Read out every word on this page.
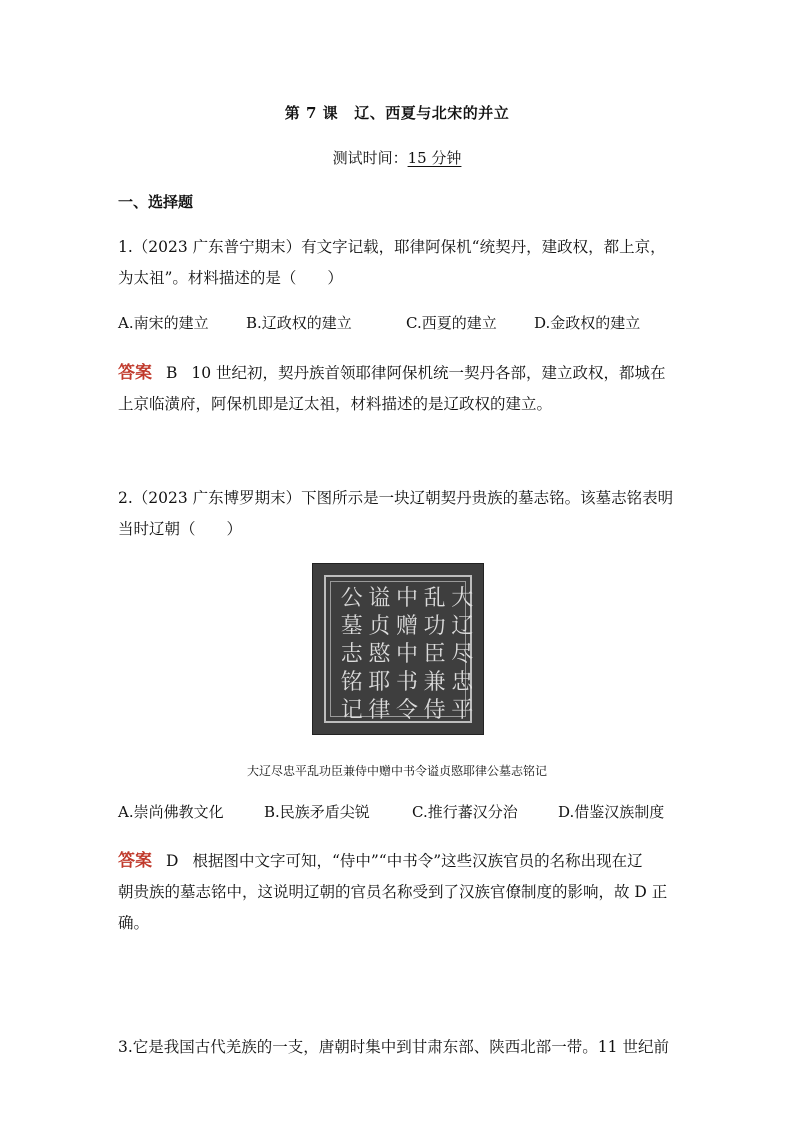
第 7 课 辽、西夏与北宋的并立
测试时间：15 分钟
一、选择题
1.（2023 广东普宁期末）有文字记载，耶律阿保机“统契丹，建政权，都上京，
为太祖”。材料描述的是（　　）
A.南宋的建立	B.辽政权的建立	C.西夏的建立	D.金政权的建立
答案 B 10 世纪初，契丹族首领耶律阿保机统一契丹各部，建立政权，都城在
上京临潢府，阿保机即是辽太祖，材料描述的是辽政权的建立。
2.（2023 广东博罗期末）下图所示是一块辽朝契丹贵族的墓志铭。该墓志铭表明
当时辽朝（　　）
大
辽
尽
忠
平
乱
功
臣
兼
侍
中
赠
中
书
令
谥
贞
愍
耶
律
公
墓
志
铭
记
大辽尽忠平乱功臣兼侍中赠中书令谥贞愍耶律公墓志铭记
A.崇尚佛教文化	B.民族矛盾尖锐	C.推行蕃汉分治	D.借鉴汉族制度
答案 D 根据图中文字可知，“侍中”“中书令”这些汉族官员的名称出现在辽
朝贵族的墓志铭中，这说明辽朝的官员名称受到了汉族官僚制度的影响，故 D 正
确。
3.它是我国古代羌族的一支，唐朝时集中到甘肃东部、陕西北部一带。11 世纪前
